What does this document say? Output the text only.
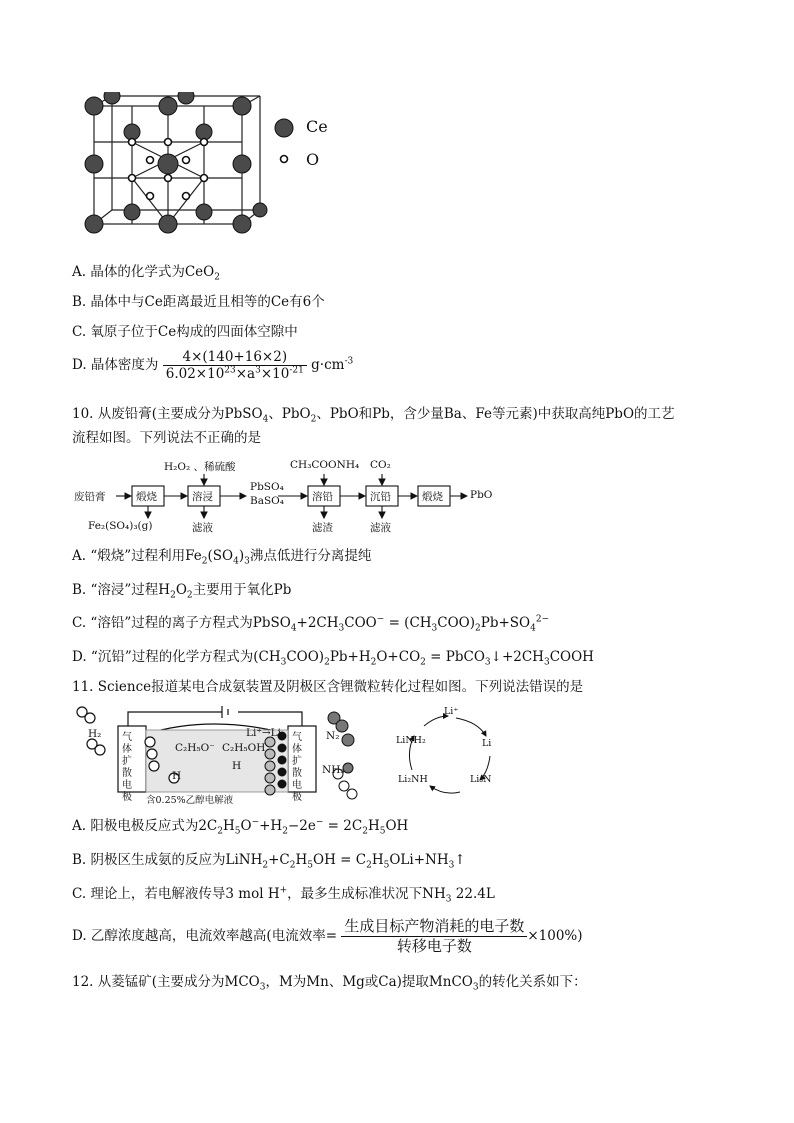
Ce
O
A. 晶体的化学式为CeO$_2$
B. 晶体中与Ce距离最近且相等的Ce有6个
C. 氧原子位于Ce构成的四面体空隙中
D. 晶体密度为 $\frac{4\times(140+16\times 2)}{6.02\times 10^{23}\times a^3\times 10^{-21}} g\cdot cm^{-3}$
10. 从废铅膏(主要成分为PbSO$_4$、PbO$_2$、PbO和Pb，含少量Ba、Fe等元素)中获取高纯PbO的工艺
流程如图。下列说法不正确的是
废铅膏	煅烧	溶浸	溶铅	沉铅	煅烧	PbO
H₂O₂ 、稀硫酸	CH₃COONH₄ CO₂
PbSO₄
BaSO₄
Fe₂(SO₄)₃(g)	滤液	滤渣	滤液
A. “煅烧”过程利用$Fe_2(SO_4)_3$沸点低进行分离提纯
B. “溶浸”过程$H_2O_2$主要用于氧化Pb
C. “溶铅”过程的离子方程式为$PbSO_4+2CH_3COO^- = (CH_3COO)_2Pb+SO_4^{2-}$
D. “沉铅”过程的化学方程式为$(CH_3COO)_2Pb+H_2O+CO_2$ = $PbCO_3↓+2CH_3COOH$
11. Science报道某电合成氨装置及阴极区含锂微粒转化过程如图。下列说法错误的是
H₂ 气体扩散电极
气体扩散电极
C₂H₅O⁻ C₂H₅OH
H
H
Li⁺→Li
含0.25%乙醇电解液
N₂
NH₃
Li⁺
LiNH₂	Li
Li₂NH	Li₃N
A. 阳极电极反应式为$2C_2H_5O^-+H_2-2e^- = 2C_2H_5OH$
B. 阴极区生成氨的反应为$LiNH_2+C_2H_5OH$ = $C_2H_5OLi+NH_3↑$
C. 理论上，若电解液传导3 mol H+，最多生成标准状况下$NH_3$ 22.4L
D. 乙醇浓度越高，电流效率越高(电流效率= $\frac{\text{生成目标产物消耗的电子数}}{\text{转移电子数}} \times 100\%$)
12. 从菱锰矿(主要成分为$MCO_3$，M为Mn、Mg或Ca)提取MnCO$_3$的转化关系如下：
